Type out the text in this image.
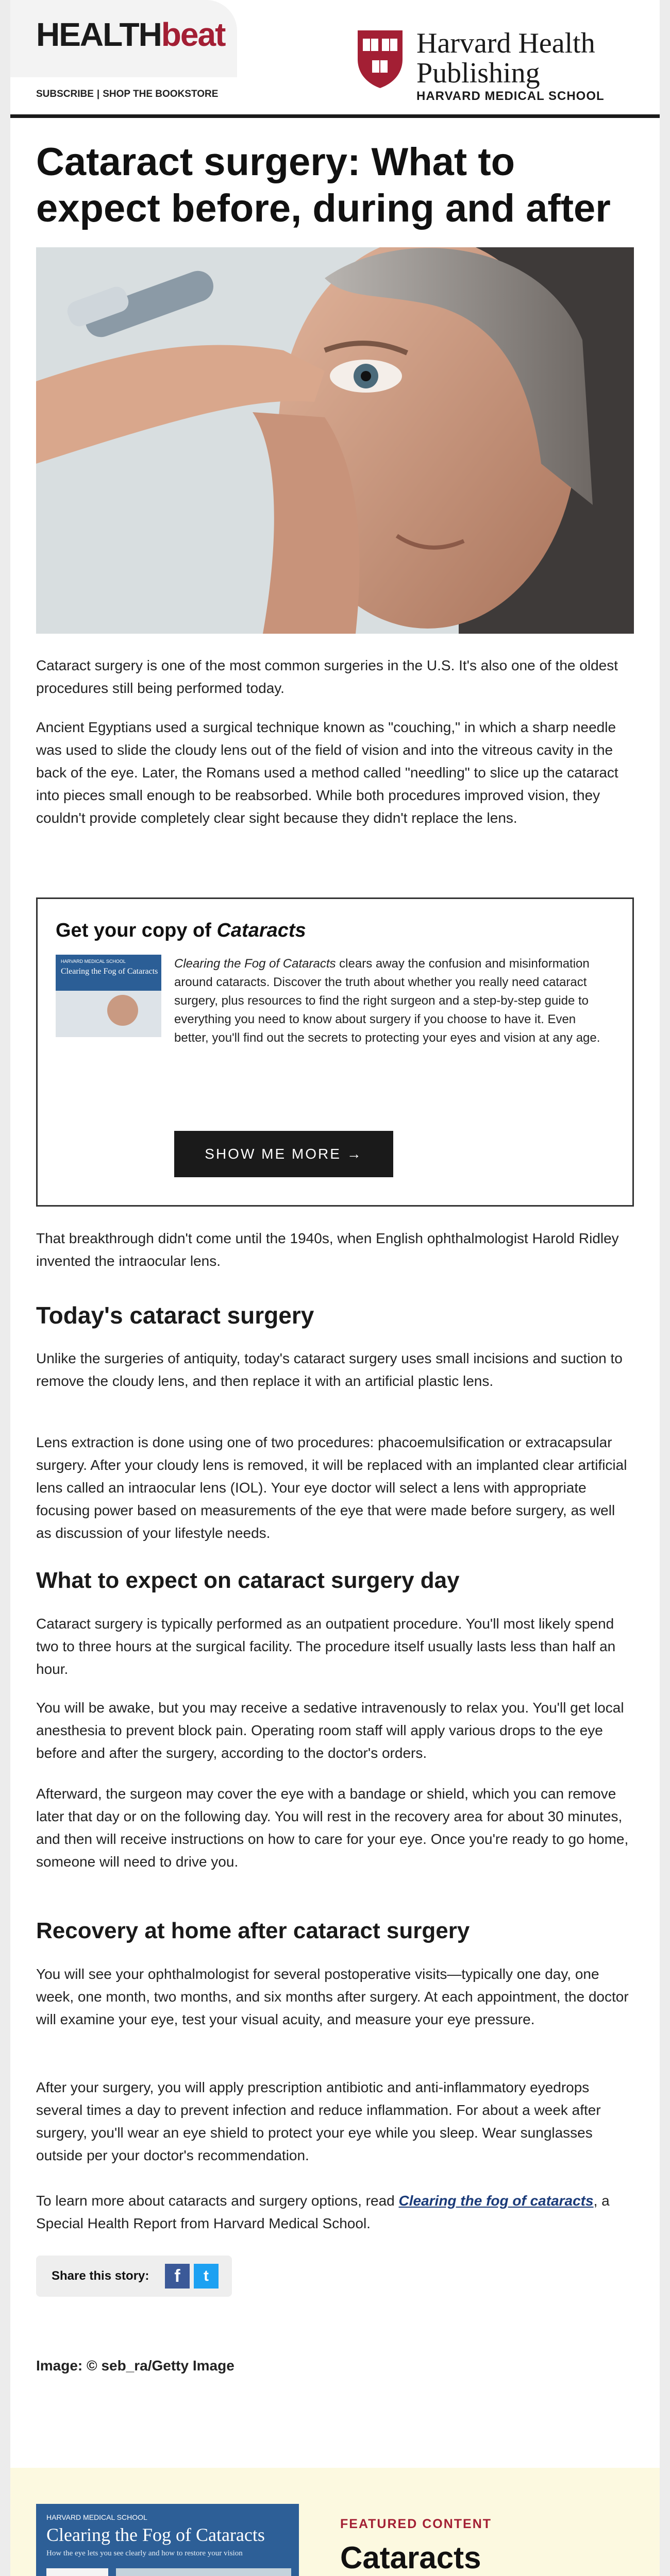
HEALTHbeat
SUBSCRIBE | SHOP THE BOOKSTORE
Harvard Health
Publishing
HARVARD MEDICAL SCHOOL
Cataract surgery: What to expect before, during and after

Cataract surgery is one of the most common surgeries in the U.S. It's also one of the oldest procedures still being performed today.

Ancient Egyptians used a surgical technique known as "couching," in which a sharp needle was used to slide the cloudy lens out of the field of vision and into the vitreous cavity in the back of the eye. Later, the Romans used a method called "needling" to slice up the cataract into pieces small enough to be reabsorbed. While both procedures improved vision, they couldn't provide completely clear sight because they didn't replace the lens.

Get your copy of Cataracts
HARVARD MEDICAL SCHOOL
Clearing the Fog of Cataracts

Clearing the Fog of Cataracts clears away the confusion and misinformation around cataracts. Discover the truth about whether you really need cataract surgery, plus resources to find the right surgeon and a step-by-step guide to everything you need to know about surgery if you choose to have it. Even better, you'll find out the secrets to protecting your eyes and vision at any age.

SHOW ME MORE →

That breakthrough didn't come until the 1940s, when English ophthalmologist Harold Ridley invented the intraocular lens.

Today's cataract surgery

Unlike the surgeries of antiquity, today's cataract surgery uses small incisions and suction to remove the cloudy lens, and then replace it with an artificial plastic lens.

Lens extraction is done using one of two procedures: phacoemulsification or extracapsular surgery. After your cloudy lens is removed, it will be replaced with an implanted clear artificial lens called an intraocular lens (IOL). Your eye doctor will select a lens with appropriate focusing power based on measurements of the eye that were made before surgery, as well as discussion of your lifestyle needs.

What to expect on cataract surgery day

Cataract surgery is typically performed as an outpatient procedure. You'll most likely spend two to three hours at the surgical facility. The procedure itself usually lasts less than half an hour.

You will be awake, but you may receive a sedative intravenously to relax you. You'll get local anesthesia to prevent block pain. Operating room staff will apply various drops to the eye before and after the surgery, according to the doctor's orders.

Afterward, the surgeon may cover the eye with a bandage or shield, which you can remove later that day or on the following day. You will rest in the recovery area for about 30 minutes, and then will receive instructions on how to care for your eye. Once you're ready to go home, someone will need to drive you.

Recovery at home after cataract surgery

You will see your ophthalmologist for several postoperative visits—typically one day, one week, one month, two months, and six months after surgery. At each appointment, the doctor will examine your eye, test your visual acuity, and measure your eye pressure.

After your surgery, you will apply prescription antibiotic and anti-inflammatory eyedrops several times a day to prevent infection and reduce inflammation. For about a week after surgery, you'll wear an eye shield to protect your eye while you sleep. Wear sunglasses outside per your doctor's recommendation.

To learn more about cataracts and surgery options, read Clearing the fog of cataracts, a Special Health Report from Harvard Medical School.

Image: © seb_ra/Getty Image

Share this story:	f	t
HARVARD MEDICAL SCHOOL
Clearing the Fog of Cataracts
How the eye lets you see clearly and how to restore your vision
FEATURED CONTENT
Cataracts
